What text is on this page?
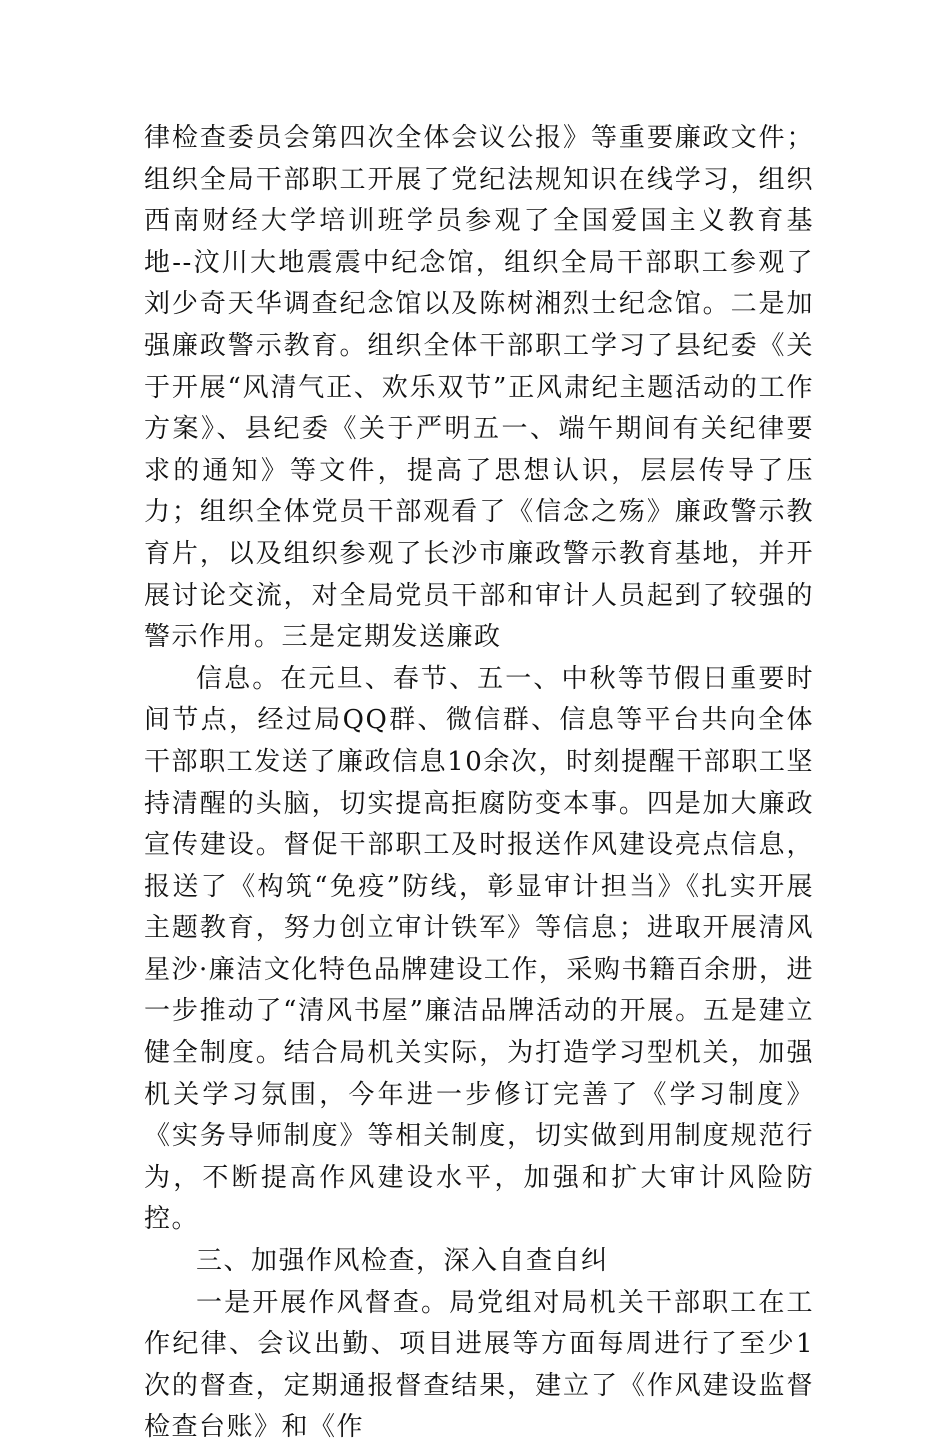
律检查委员会第四次全体会议公报》等重要廉政文件；组织全局干部职工开展了党纪法规知识在线学习，组织西南财经大学培训班学员参观了全国爱国主义教育基地--汶川大地震震中纪念馆，组织全局干部职工参观了刘少奇天华调查纪念馆以及陈树湘烈士纪念馆。二是加强廉政警示教育。组织全体干部职工学习了县纪委《关于开展“风清气正、欢乐双节”正风肃纪主题活动的工作方案》、县纪委《关于严明五一、端午期间有关纪律要求的通知》等文件，提高了思想认识，层层传导了压力；组织全体党员干部观看了《信念之殇》廉政警示教育片，以及组织参观了长沙市廉政警示教育基地，并开展讨论交流，对全局党员干部和审计人员起到了较强的警示作用。三是定期发送廉政

信息。在元旦、春节、五一、中秋等节假日重要时间节点，经过局QQ群、微信群、信息等平台共向全体干部职工发送了廉政信息10余次，时刻提醒干部职工坚持清醒的头脑，切实提高拒腐防变本事。四是加大廉政宣传建设。督促干部职工及时报送作风建设亮点信息，报送了《构筑“免疫”防线，彰显审计担当》《扎实开展主题教育，努力创立审计铁军》等信息；进取开展清风星沙·廉洁文化特色品牌建设工作，采购书籍百余册，进一步推动了“清风书屋”廉洁品牌活动的开展。五是建立健全制度。结合局机关实际，为打造学习型机关，加强机关学习氛围，今年进一步修订完善了《学习制度》《实务导师制度》等相关制度，切实做到用制度规范行为，不断提高作风建设水平，加强和扩大审计风险防控。

三、加强作风检查，深入自查自纠

一是开展作风督查。局党组对局机关干部职工在工作纪律、会议出勤、项目进展等方面每周进行了至少1次的督查，定期通报督查结果，建立了《作风建设监督检查台账》和《作
